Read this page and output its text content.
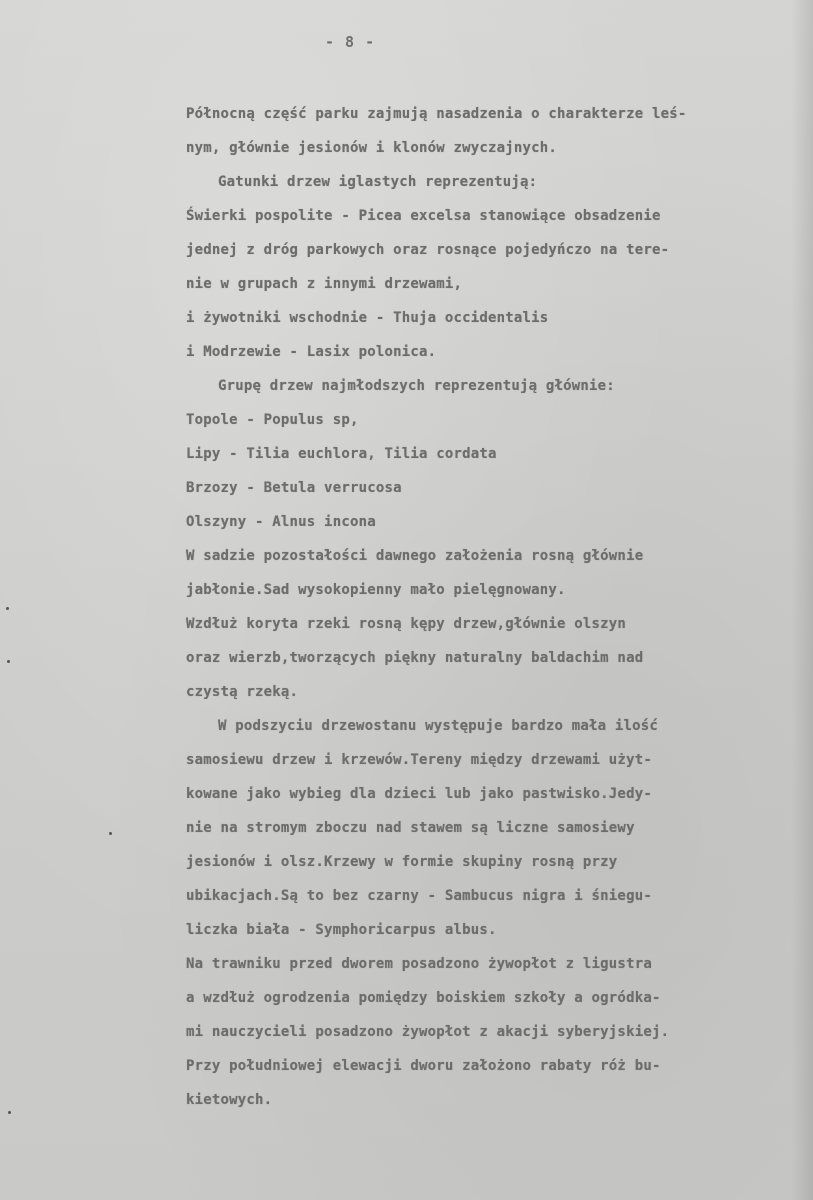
- 8 -
Północną część parku zajmują nasadzenia o charakterze leś-
nym, głównie jesionów i klonów zwyczajnych.
Gatunki drzew iglastych reprezentują:
Świerki pospolite - Picea excelsa stanowiące obsadzenie
jednej z dróg parkowych oraz rosnące pojedyńczo na tere-
nie w grupach z innymi drzewami,
i żywotniki wschodnie - Thuja occidentalis
i Modrzewie - Lasix polonica.
Grupę drzew najmłodszych reprezentują głównie:
Topole - Populus sp,
Lipy - Tilia euchlora, Tilia cordata
Brzozy - Betula verrucosa
Olszyny - Alnus incona
W sadzie pozostałości dawnego założenia rosną głównie
jabłonie.Sad wysokopienny mało pielęgnowany.
Wzdłuż koryta rzeki rosną kępy drzew,głównie olszyn
oraz wierzb,tworzących piękny naturalny baldachim nad
czystą rzeką.
W podszyciu drzewostanu występuje bardzo mała ilość
samosiewu drzew i krzewów.Tereny między drzewami użyt-
kowane jako wybieg dla dzieci lub jako pastwisko.Jedy-
nie na stromym zboczu nad stawem są liczne samosiewy
jesionów i olsz.Krzewy w formie skupiny rosną przy
ubikacjach.Są to bez czarny - Sambucus nigra i śniegu-
liczka biała - Symphoricarpus albus.
Na trawniku przed dworem posadzono żywopłot z ligustra
a wzdłuż ogrodzenia pomiędzy boiskiem szkoły a ogródka-
mi nauczycieli posadzono żywopłot z akacji syberyjskiej.
Przy południowej elewacji dworu założono rabaty róż bu-
kietowych.
